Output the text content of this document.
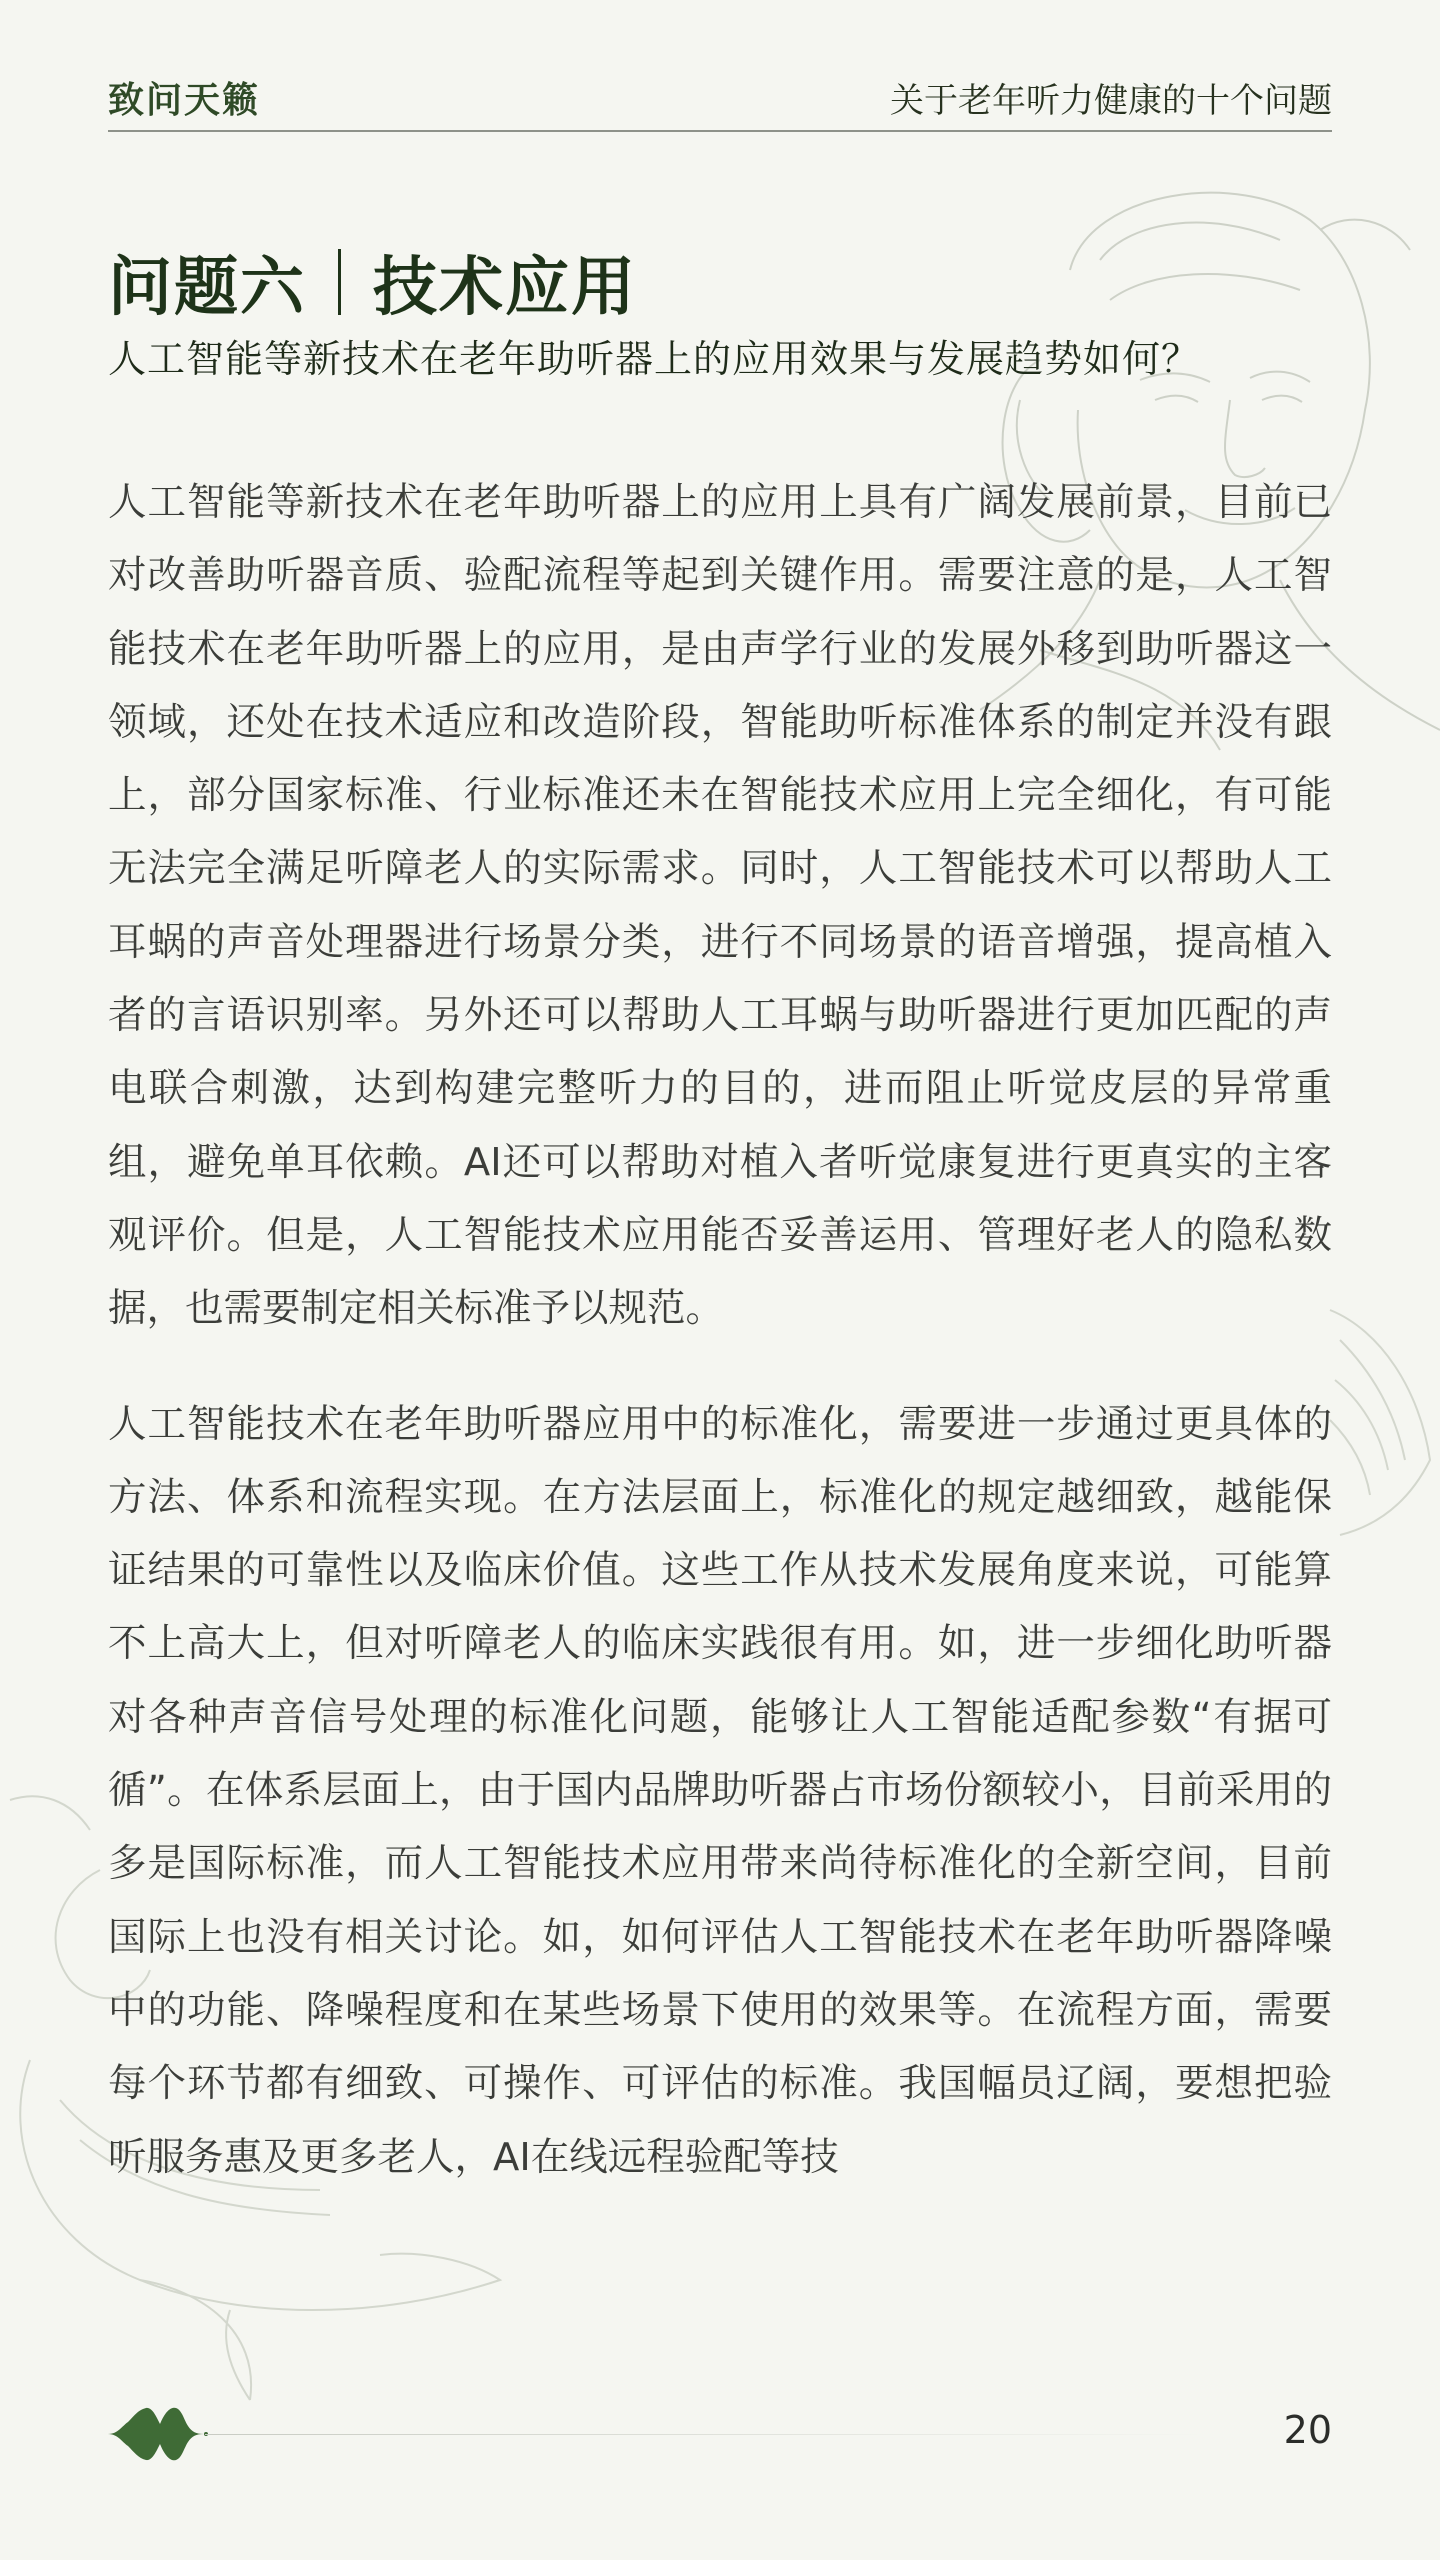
致问天籁	关于老年听力健康的十个问题
问题六 技术应用
人工智能等新技术在老年助听器上的应用效果与发展趋势如何？

人工智能等新技术在老年助听器上的应用上具有广阔发展前景，目前已对改善助听器音质、验配流程等起到关键作用。需要注意的是，人工智能技术在老年助听器上的应用，是由声学行业的发展外移到助听器这一领域，还处在技术适应和改造阶段，智能助听标准体系的制定并没有跟上，部分国家标准、行业标准还未在智能技术应用上完全细化，有可能无法完全满足听障老人的实际需求。同时，人工智能技术可以帮助人工耳蜗的声音处理器进行场景分类，进行不同场景的语音增强，提高植入者的言语识别率。另外还可以帮助人工耳蜗与助听器进行更加匹配的声电联合刺激，达到构建完整听力的目的，进而阻止听觉皮层的异常重组，避免单耳依赖。AI还可以帮助对植入者听觉康复进行更真实的主客观评价。但是，人工智能技术应用能否妥善运用、管理好老人的隐私数据，也需要制定相关标准予以规范。

人工智能技术在老年助听器应用中的标准化，需要进一步通过更具体的方法、体系和流程实现。在方法层面上，标准化的规定越细致，越能保证结果的可靠性以及临床价值。这些工作从技术发展角度来说，可能算不上高大上，但对听障老人的临床实践很有用。如，进一步细化助听器对各种声音信号处理的标准化问题，能够让人工智能适配参数“有据可循”。在体系层面上，由于国内品牌助听器占市场份额较小，目前采用的多是国际标准，而人工智能技术应用带来尚待标准化的全新空间，目前国际上也没有相关讨论。如，如何评估人工智能技术在老年助听器降噪中的功能、降噪程度和在某些场景下使用的效果等。在流程方面，需要每个环节都有细致、可操作、可评估的标准。我国幅员辽阔，要想把验听服务惠及更多老人，AI在线远程验配等技

20
